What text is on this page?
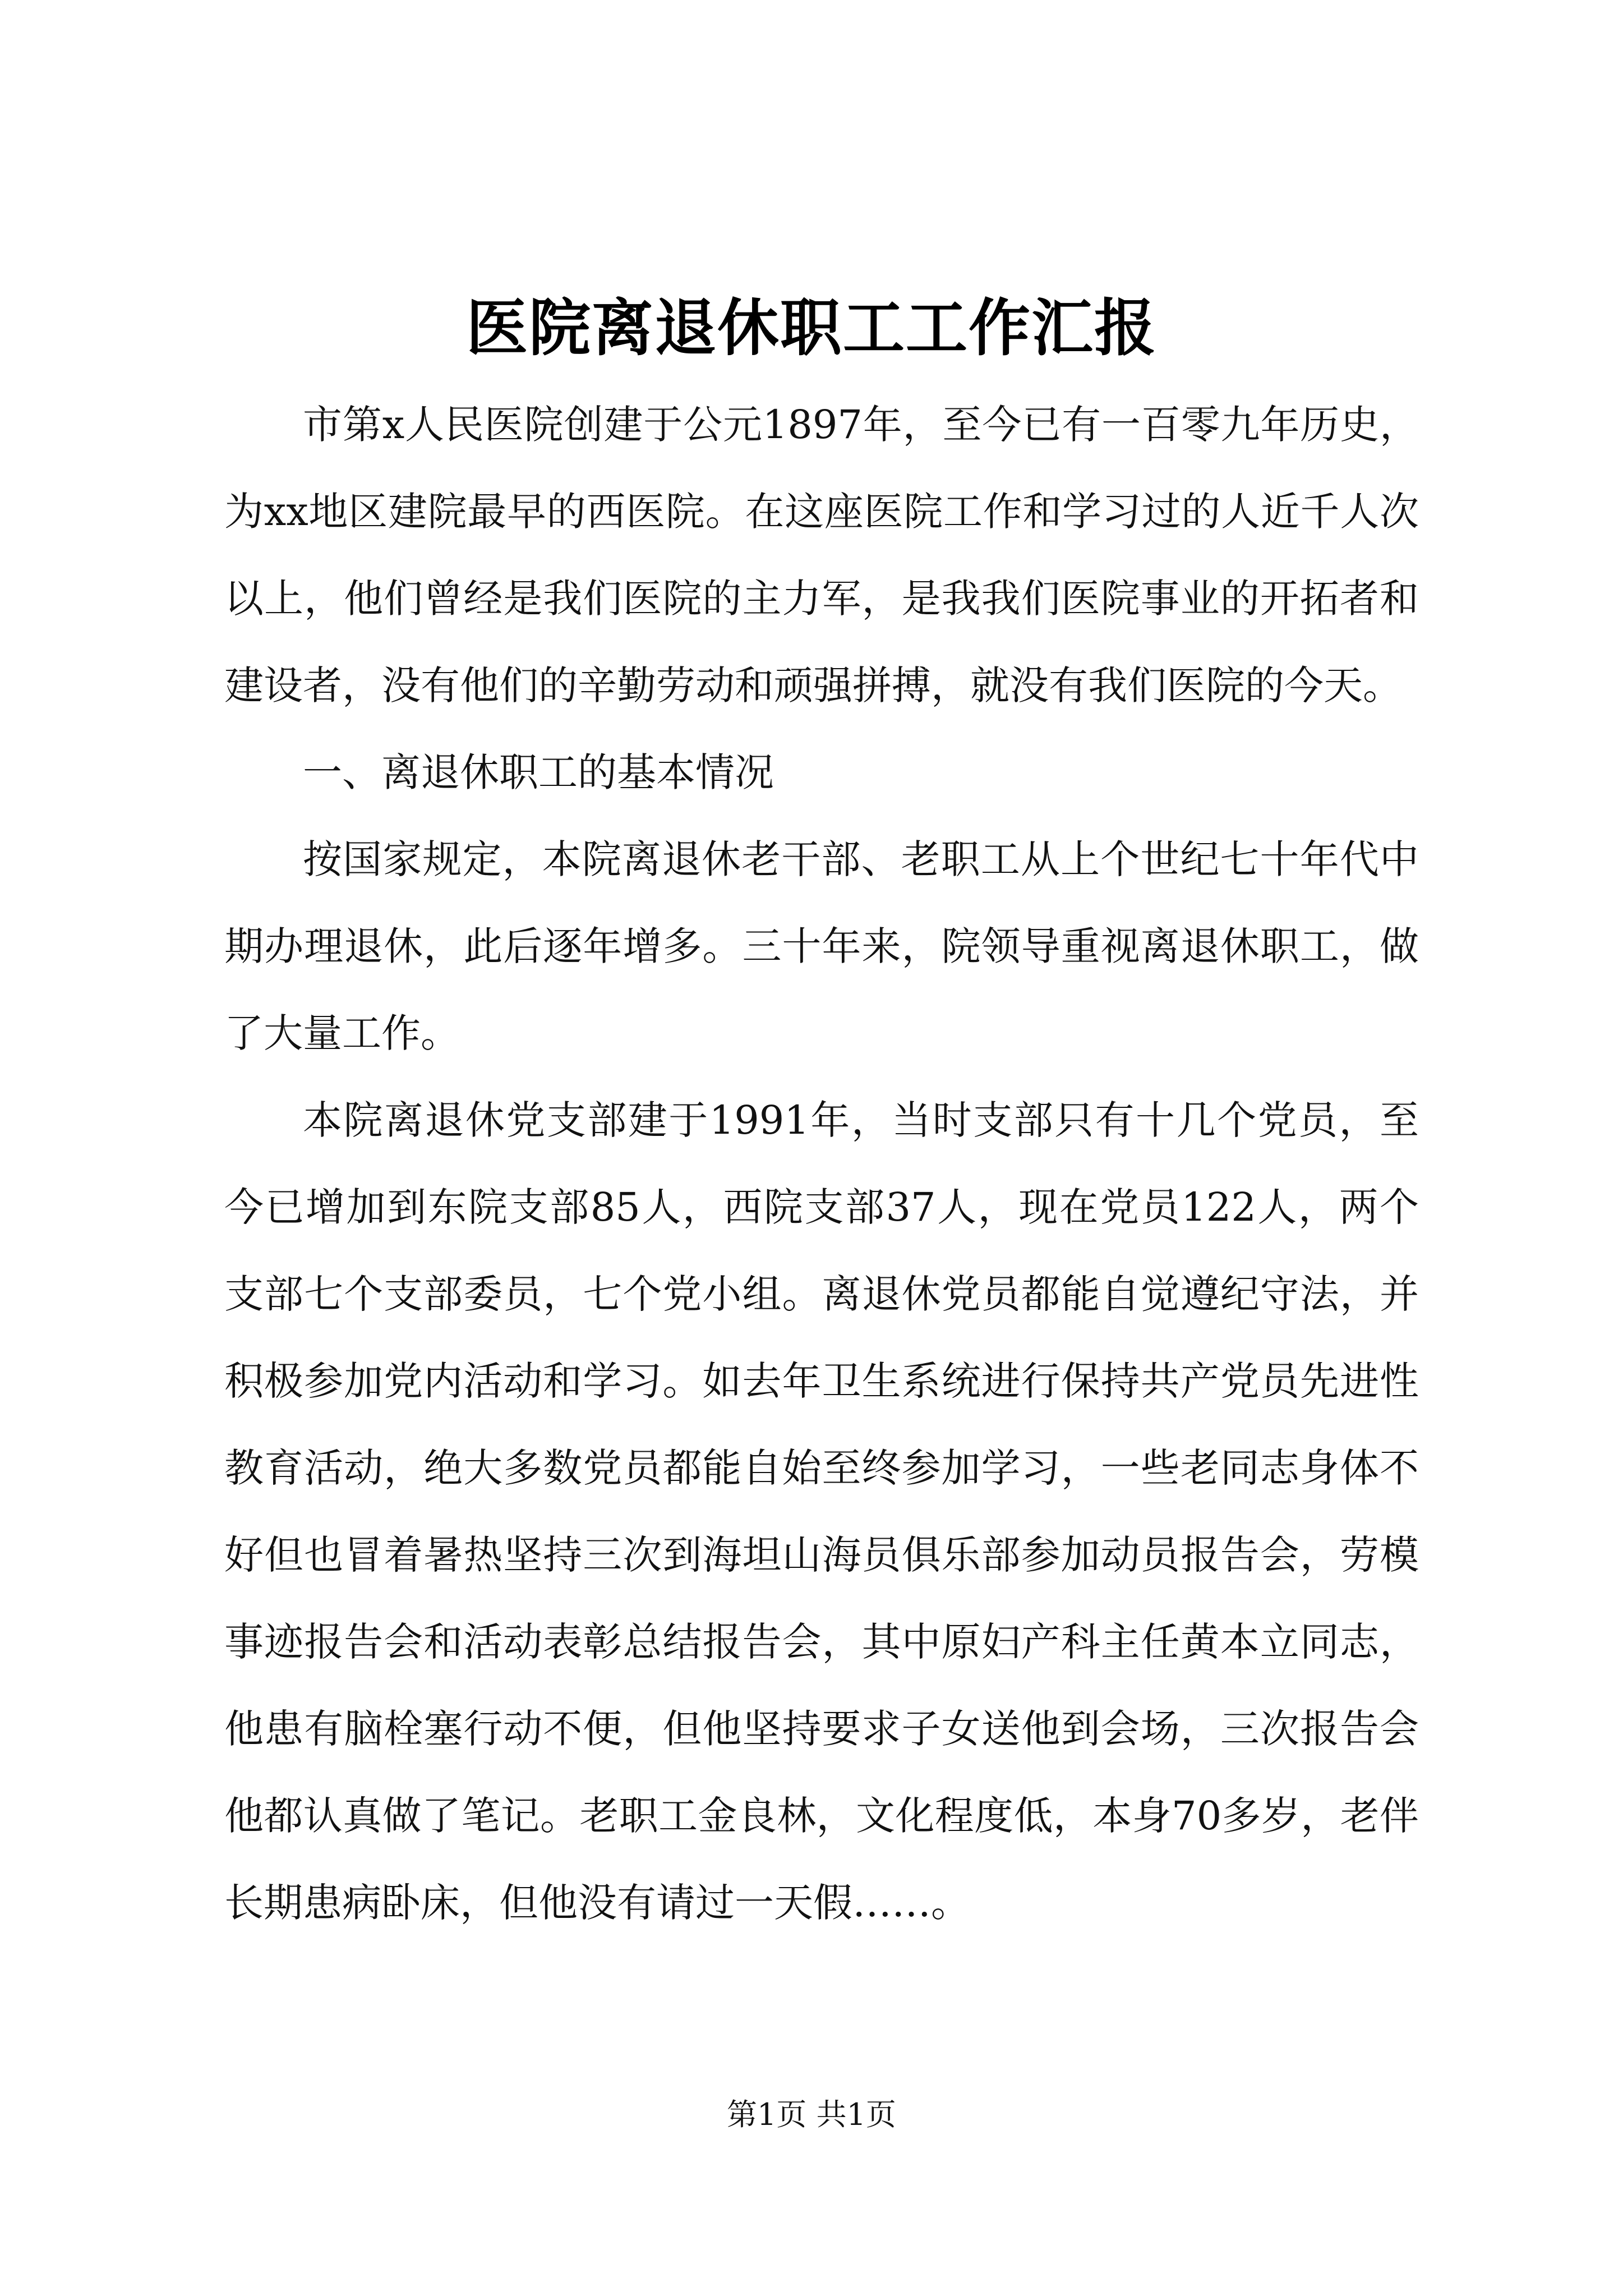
医院离退休职工工作汇报

市第x人民医院创建于公元1897年，至今已有一百零九年历史，为xx地区建院最早的西医院。在这座医院工作和学习过的人近千人次以上，他们曾经是我们医院的主力军，是我我们医院事业的开拓者和建设者，没有他们的辛勤劳动和顽强拼搏，就没有我们医院的今天。

一、离退休职工的基本情况

按国家规定，本院离退休老干部、老职工从上个世纪七十年代中期办理退休，此后逐年增多。三十年来，院领导重视离退休职工，做了大量工作。

本院离退休党支部建于1991年，当时支部只有十几个党员，至今已增加到东院支部85人，西院支部37人，现在党员122人，两个支部七个支部委员，七个党小组。离退休党员都能自觉遵纪守法，并积极参加党内活动和学习。如去年卫生系统进行保持共产党员先进性教育活动，绝大多数党员都能自始至终参加学习，一些老同志身体不好但也冒着暑热坚持三次到海坦山海员俱乐部参加动员报告会，劳模事迹报告会和活动表彰总结报告会，其中原妇产科主任黄本立同志，他患有脑栓塞行动不便，但他坚持要求子女送他到会场，三次报告会他都认真做了笔记。老职工金良林，文化程度低，本身70多岁，老伴长期患病卧床，但他没有请过一天假……。

第1页 共1页
